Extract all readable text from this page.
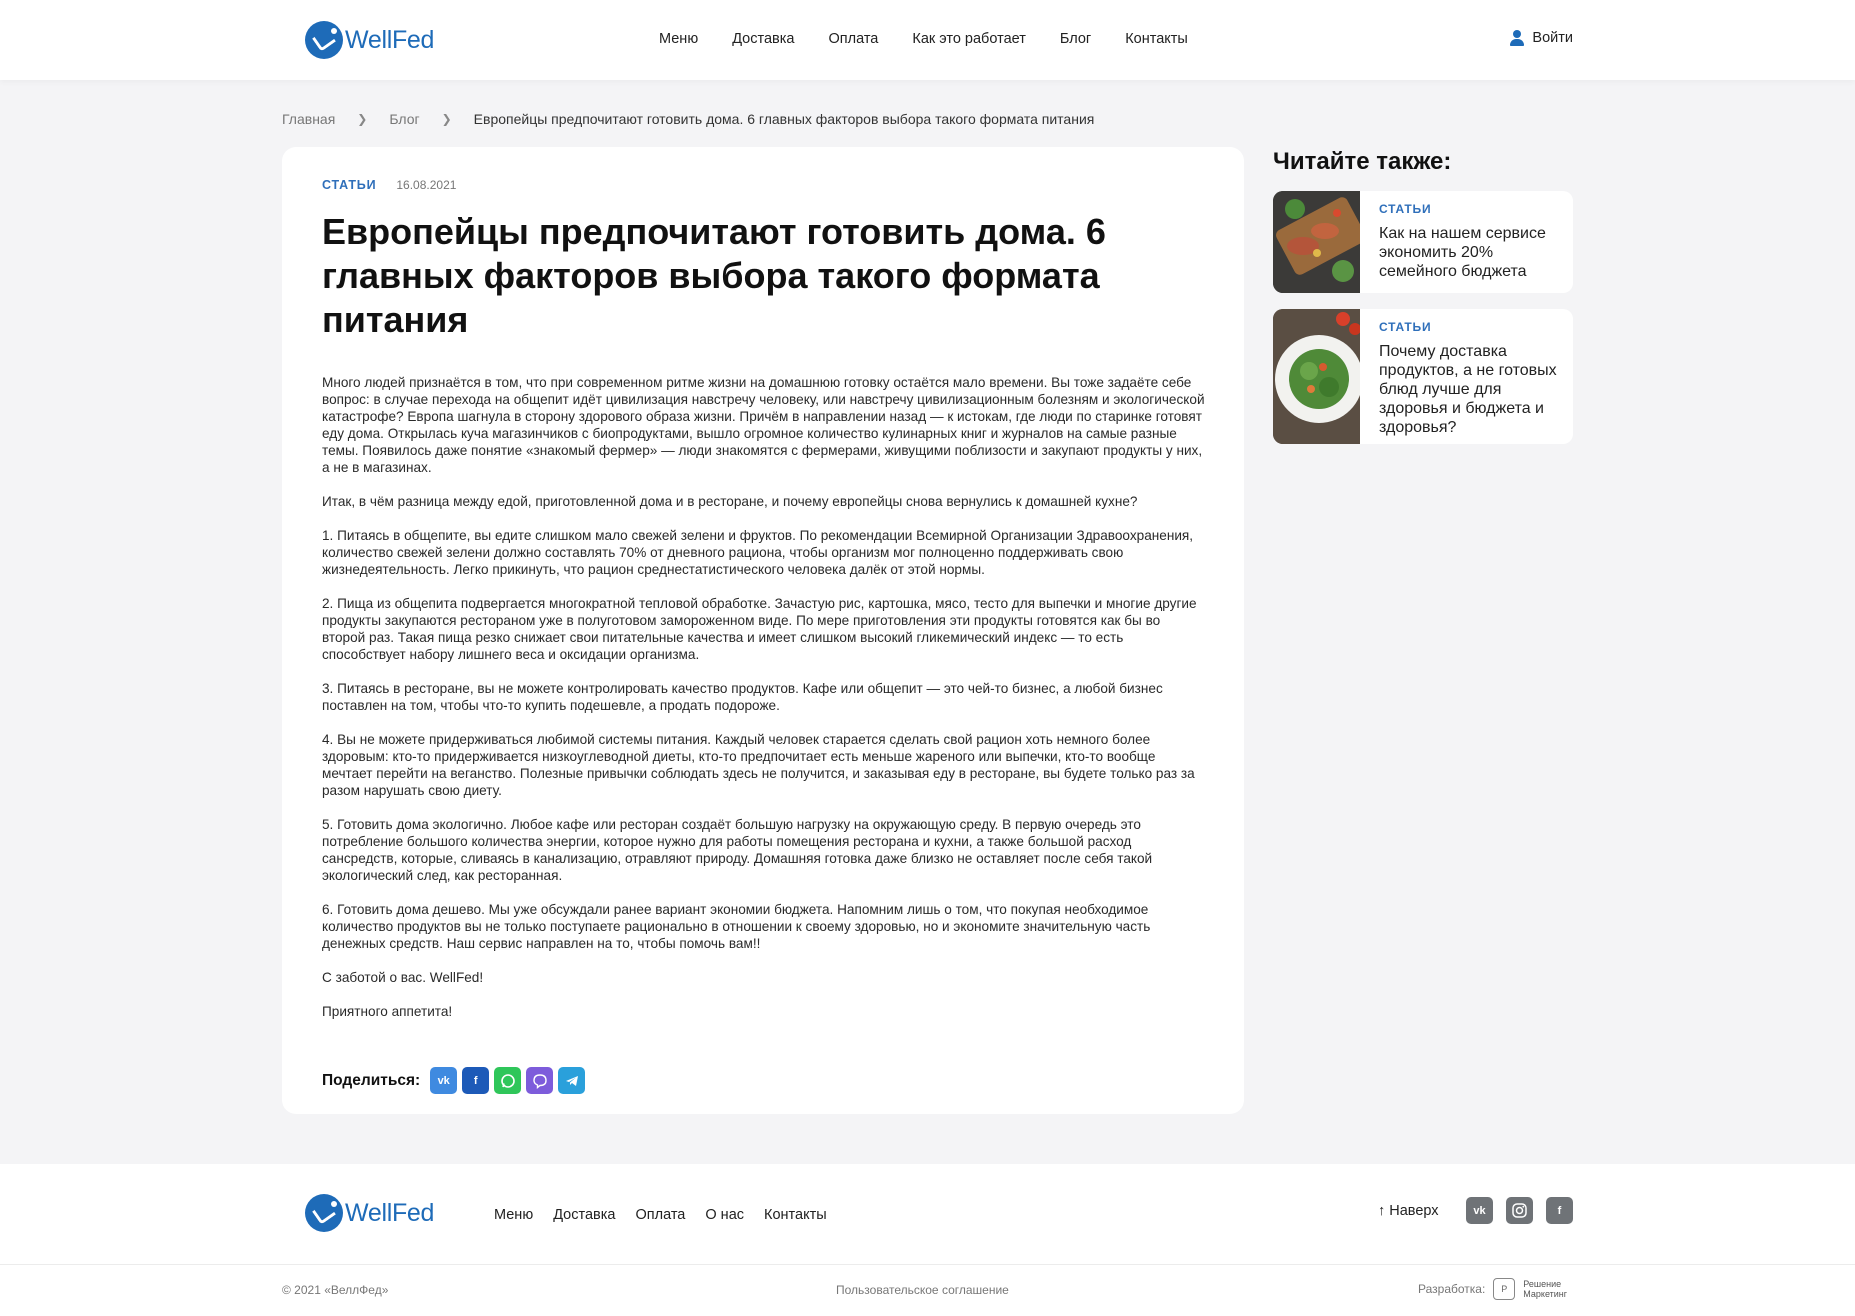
WellFed	Меню Доставка Оплата Как это работает Блог Контакты	Войти
Главная ❯ Блог ❯ Европейцы предпочитают готовить дома. 6 главных факторов выбора такого формата питания
СТАТЬИ 16.08.2021
Европейцы предпочитают готовить дома. 6 главных факторов выбора такого формата питания

Много людей признаётся в том, что при современном ритме жизни на домашнюю готовку остаётся мало времени. Вы тоже задаёте себе вопрос: в случае перехода на общепит идёт цивилизация навстречу человеку, или навстречу цивилизационным болезням и экологической катастрофе? Европа шагнула в сторону здорового образа жизни. Причём в направлении назад — к истокам, где люди по старинке готовят еду дома. Открылась куча магазинчиков с биопродуктами, вышло огромное количество кулинарных книг и журналов на самые разные темы. Появилось даже понятие «знакомый фермер» — люди знакомятся с фермерами, живущими поблизости и закупают продукты у них, а не в магазинах.

Итак, в чём разница между едой, приготовленной дома и в ресторане, и почему европейцы снова вернулись к домашней кухне?

1. Питаясь в общепите, вы едите слишком мало свежей зелени и фруктов. По рекомендации Всемирной Организации Здравоохранения, количество свежей зелени должно составлять 70% от дневного рациона, чтобы организм мог полноценно поддерживать свою жизнедеятельность. Легко прикинуть, что рацион среднестатистического человека далёк от этой нормы.

2. Пища из общепита подвергается многократной тепловой обработке. Зачастую рис, картошка, мясо, тесто для выпечки и многие другие продукты закупаются рестораном уже в полуготовом замороженном виде. По мере приготовления эти продукты готовятся как бы во второй раз. Такая пища резко снижает свои питательные качества и имеет слишком высокий гликемический индекс — то есть способствует набору лишнего веса и оксидации организма.

3. Питаясь в ресторане, вы не можете контролировать качество продуктов. Кафе или общепит — это чей-то бизнес, а любой бизнес поставлен на том, чтобы что-то купить подешевле, а продать подороже.

4. Вы не можете придерживаться любимой системы питания. Каждый человек старается сделать свой рацион хоть немного более здоровым: кто-то придерживается низкоуглеводной диеты, кто-то предпочитает есть меньше жареного или выпечки, кто-то вообще мечтает перейти на веганство. Полезные привычки соблюдать здесь не получится, и заказывая еду в ресторане, вы будете только раз за разом нарушать свою диету.

5. Готовить дома экологично. Любое кафе или ресторан создаёт большую нагрузку на окружающую среду. В первую очередь это потребление большого количества энергии, которое нужно для работы помещения ресторана и кухни, а также большой расход сансредств, которые, сливаясь в канализацию, отравляют природу. Домашняя готовка даже близко не оставляет после себя такой экологический след, как ресторанная.

6. Готовить дома дешево. Мы уже обсуждали ранее вариант экономии бюджета. Напомним лишь о том, что покупая необходимое количество продуктов вы не только поступаете рационально в отношении к своему здоровью, но и экономите значительную часть денежных средств. Наш сервис направлен на то, чтобы помочь вам!!

С заботой о вас. WellFed!

Приятного аппетита!

Поделиться:	vk	f
Читайте также:
СТАТЬИ
Как на нашем сервисе экономить 20% семейного бюджета
СТАТЬИ
Почему доставка продуктов, а не готовых блюд лучше для здоровья и бюджета и здоровья?
WellFed	Меню Доставка Оплата О нас Контакты	↑ Наверх	vk	f
© 2021 «ВеллФед»	Пользовательское соглашение	Разработка:	Р	Решение
Маркетинг
